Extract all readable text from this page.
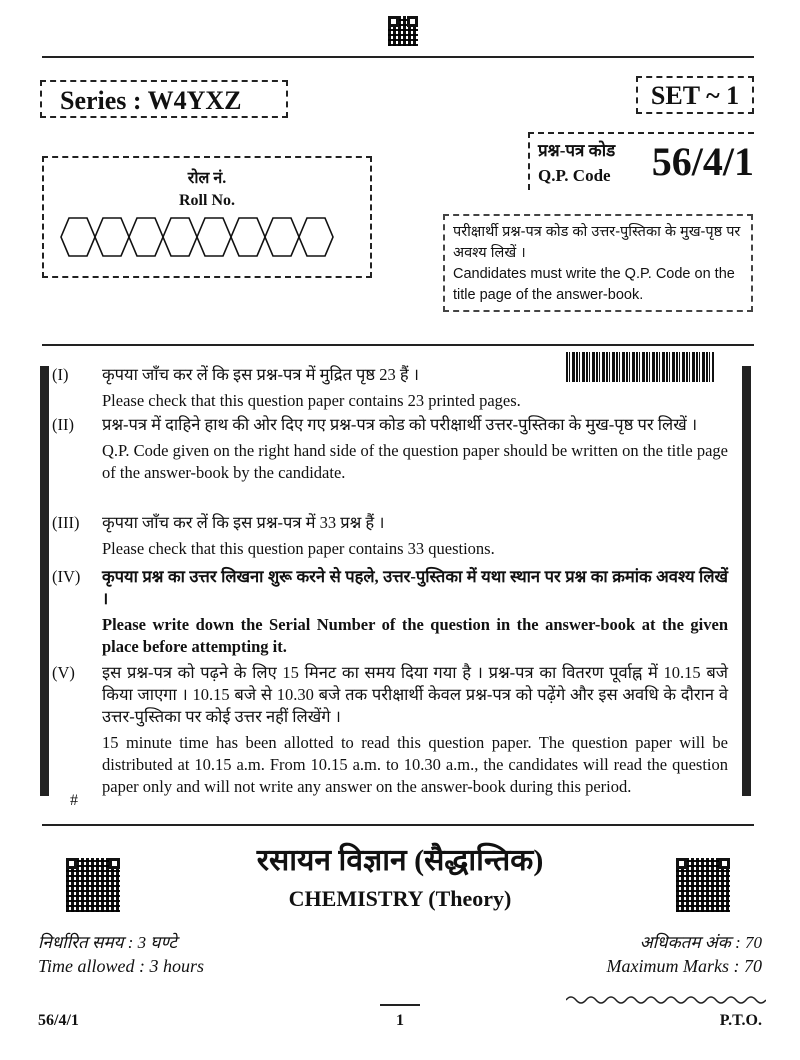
Series : W4YXZ	SET ~ 1
प्रश्न-पत्र कोड
Q.P. Code 56/4/1
रोल नं.
Roll No.
परीक्षार्थी प्रश्न-पत्र कोड को उत्तर-पुस्तिका के मुख-पृष्ठ पर अवश्य लिखें ।
Candidates must write the Q.P. Code on the title page of the answer-book.
(I)	कृपया जाँच कर लें कि इस प्रश्न-पत्र में मुद्रित पृष्ठ 23 हैं ।

Please check that this question paper contains 23 printed pages.

(II)	प्रश्न-पत्र में दाहिने हाथ की ओर दिए गए प्रश्न-पत्र कोड को परीक्षार्थी उत्तर-पुस्तिका के मुख-पृष्ठ पर लिखें ।

Q.P. Code given on the right hand side of the question paper should be written on the title page of the answer-book by the candidate.

(III)	कृपया जाँच कर लें कि इस प्रश्न-पत्र में 33 प्रश्न हैं ।

Please check that this question paper contains 33 questions.

(IV)	कृपया प्रश्न का उत्तर लिखना शुरू करने से पहले, उत्तर-पुस्तिका में यथा स्थान पर प्रश्न का क्रमांक अवश्य लिखें ।

Please write down the Serial Number of the question in the answer-book at the given place before attempting it.

(V)	इस प्रश्न-पत्र को पढ़ने के लिए 15 मिनट का समय दिया गया है । प्रश्न-पत्र का वितरण पूर्वाह्न में 10.15 बजे किया जाएगा । 10.15 बजे से 10.30 बजे तक परीक्षार्थी केवल प्रश्न-पत्र को पढ़ेंगे और इस अवधि के दौरान वे उत्तर-पुस्तिका पर कोई उत्तर नहीं लिखेंगे ।

15 minute time has been allotted to read this question paper. The question paper will be distributed at 10.15 a.m. From 10.15 a.m. to 10.30 a.m., the candidates will read the question paper only and will not write any answer on the answer-book during this period.

#
रसायन विज्ञान (सैद्धान्तिक)
CHEMISTRY (Theory)
निर्धारित समय : 3 घण्टे
Time allowed : 3 hours
अधिकतम अंक : 70
Maximum Marks : 70
56/4/1	1	P.T.O.
